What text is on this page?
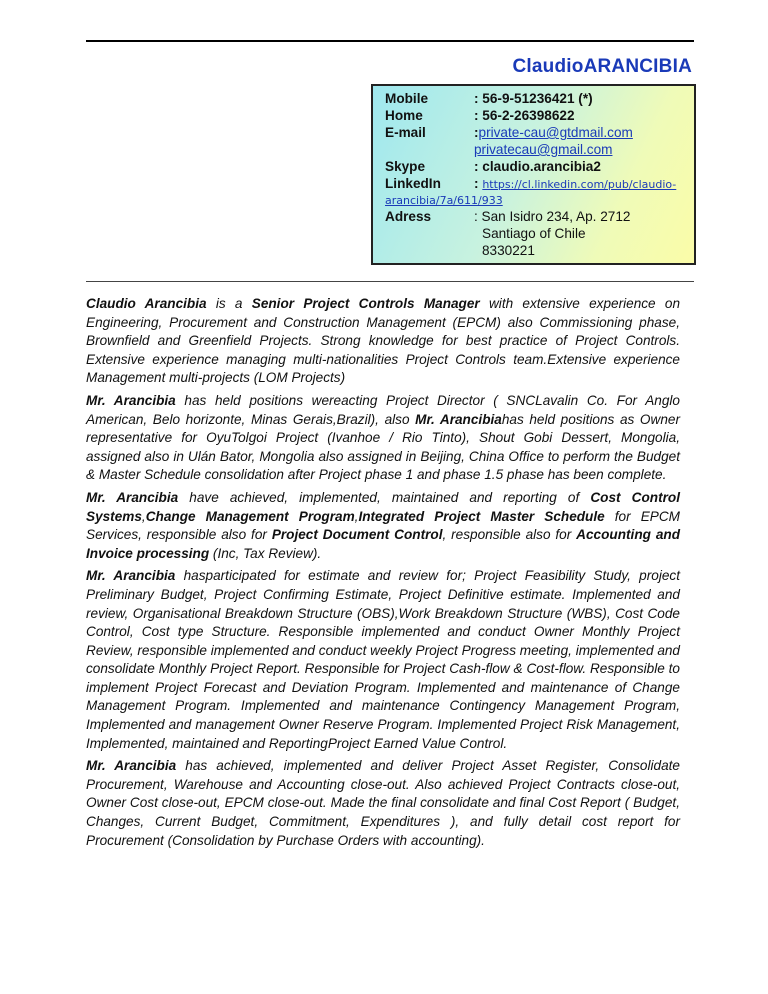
ClaudioARANCIBIA
Mobile	: 56-9-51236421 (*)
Home	: 56-2-26398622
E-mail	:private-cau@gtdmail.com
privatecau@gmail.com
Skype	: claudio.arancibia2
LinkedIn	: https://cl.linkedin.com/pub/claudio-
arancibia/7a/611/933
Adress	: San Isidro 234, Ap. 2712
Santiago of Chile
8330221

Claudio Arancibia is a Senior Project Controls Manager with extensive experience on Engineering, Procurement and Construction Management (EPCM) also Commissioning phase, Brownfield and Greenfield Projects. Strong knowledge for best practice of Project Controls. Extensive experience managing multi-nationalities Project Controls team.Extensive experience Management multi-projects (LOM Projects)

Mr. Arancibia has held positions wereacting Project Director ( SNCLavalin Co. For Anglo American, Belo horizonte, Minas Gerais,Brazil), also Mr. Arancibiahas held positions as Owner representative for OyuTolgoi Project (Ivanhoe / Rio Tinto), Shout Gobi Dessert, Mongolia, assigned also in Ulán Bator, Mongolia also assigned in Beijing, China Office to perform the Budget & Master Schedule consolidation after Project phase 1 and phase 1.5 phase has been complete.

Mr. Arancibia have achieved, implemented, maintained and reporting of Cost Control Systems,Change Management Program,Integrated Project Master Schedule for EPCM Services, responsible also for Project Document Control, responsible also for Accounting and Invoice processing (Inc, Tax Review).

Mr. Arancibia hasparticipated for estimate and review for; Project Feasibility Study, project Preliminary Budget, Project Confirming Estimate, Project Definitive estimate. Implemented and review, Organisational Breakdown Structure (OBS),Work Breakdown Structure (WBS), Cost Code Control, Cost type Structure. Responsible implemented and conduct Owner Monthly Project Review, responsible implemented and conduct weekly Project Progress meeting, implemented and consolidate Monthly Project Report. Responsible for Project Cash-flow & Cost-flow. Responsible to implement Project Forecast and Deviation Program. Implemented and maintenance of Change Management Program. Implemented and maintenance Contingency Management Program, Implemented and management Owner Reserve Program. Implemented Project Risk Management, Implemented, maintained and ReportingProject Earned Value Control.

Mr. Arancibia has achieved, implemented and deliver Project Asset Register, Consolidate Procurement, Warehouse and Accounting close-out. Also achieved Project Contracts close-out, Owner Cost close-out, EPCM close-out. Made the final consolidate and final Cost Report ( Budget, Changes, Current Budget, Commitment, Expenditures ), and fully detail cost report for Procurement (Consolidation by Purchase Orders with accounting).
